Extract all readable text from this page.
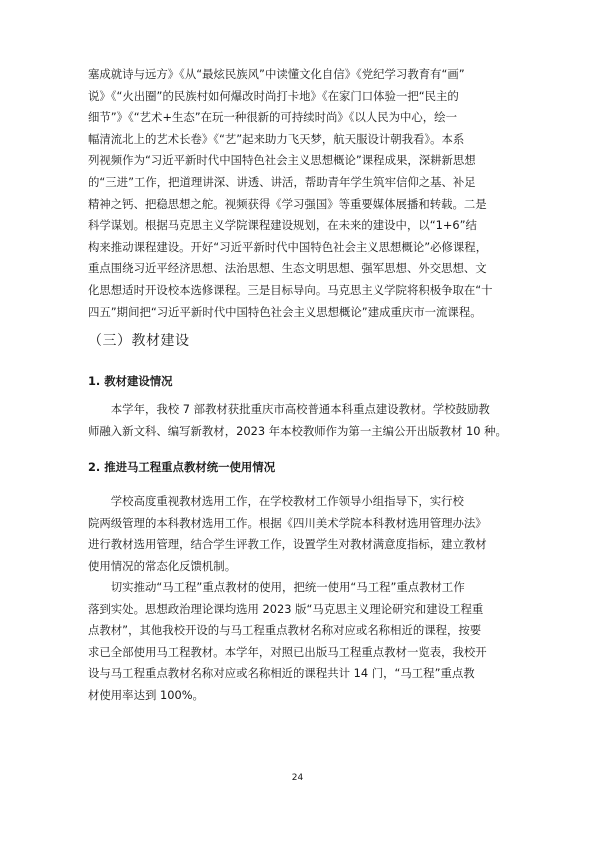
塞成就诗与远方》《从“最炫民族风”中读懂文化自信》《党纪学习教育有“画”
说》《“火出圈”的民族村如何爆改时尚打卡地》《在家门口体验一把“民主的
细节”》《“艺术+生态”在玩一种很新的可持续时尚》《以人民为中心，绘一
幅清流北上的艺术长卷》《“艺”起来助力飞天梦，航天服设计朝我看》。本系
列视频作为“习近平新时代中国特色社会主义思想概论”课程成果，深耕新思想
的“三进”工作，把道理讲深、讲透、讲活，帮助青年学生筑牢信仰之基、补足
精神之钙、把稳思想之舵。视频获得《学习强国》等重要媒体展播和转载。二是
科学谋划。根据马克思主义学院课程建设规划，在未来的建设中，以“1+6”结
构来推动课程建设。开好“习近平新时代中国特色社会主义思想概论”必修课程，
重点围绕习近平经济思想、法治思想、生态文明思想、强军思想、外交思想、文
化思想适时开设校本选修课程。三是目标导向。马克思主义学院将积极争取在“十
四五”期间把“习近平新时代中国特色社会主义思想概论”建成重庆市一流课程。

（三）教材建设
1. 教材建设情况

　　本学年，我校 7 部教材获批重庆市高校普通本科重点建设教材。学校鼓励教
师融入新文科、编写新教材，2023 年本校教师作为第一主编公开出版教材 10 种。

2. 推进马工程重点教材统一使用情况

　　学校高度重视教材选用工作，在学校教材工作领导小组指导下，实行校
院两级管理的本科教材选用工作。根据《四川美术学院本科教材选用管理办法》
进行教材选用管理，结合学生评教工作，设置学生对教材满意度指标，建立教材
使用情况的常态化反馈机制。

　　切实推动“马工程”重点教材的使用，把统一使用“马工程”重点教材工作
落到实处。思想政治理论课均选用 2023 版“马克思主义理论研究和建设工程重
点教材”，其他我校开设的与马工程重点教材名称对应或名称相近的课程，按要
求已全部使用马工程教材。本学年，对照已出版马工程重点教材一览表，我校开
设与马工程重点教材名称对应或名称相近的课程共计 14 门，“马工程”重点教
材使用率达到 100%。

24
